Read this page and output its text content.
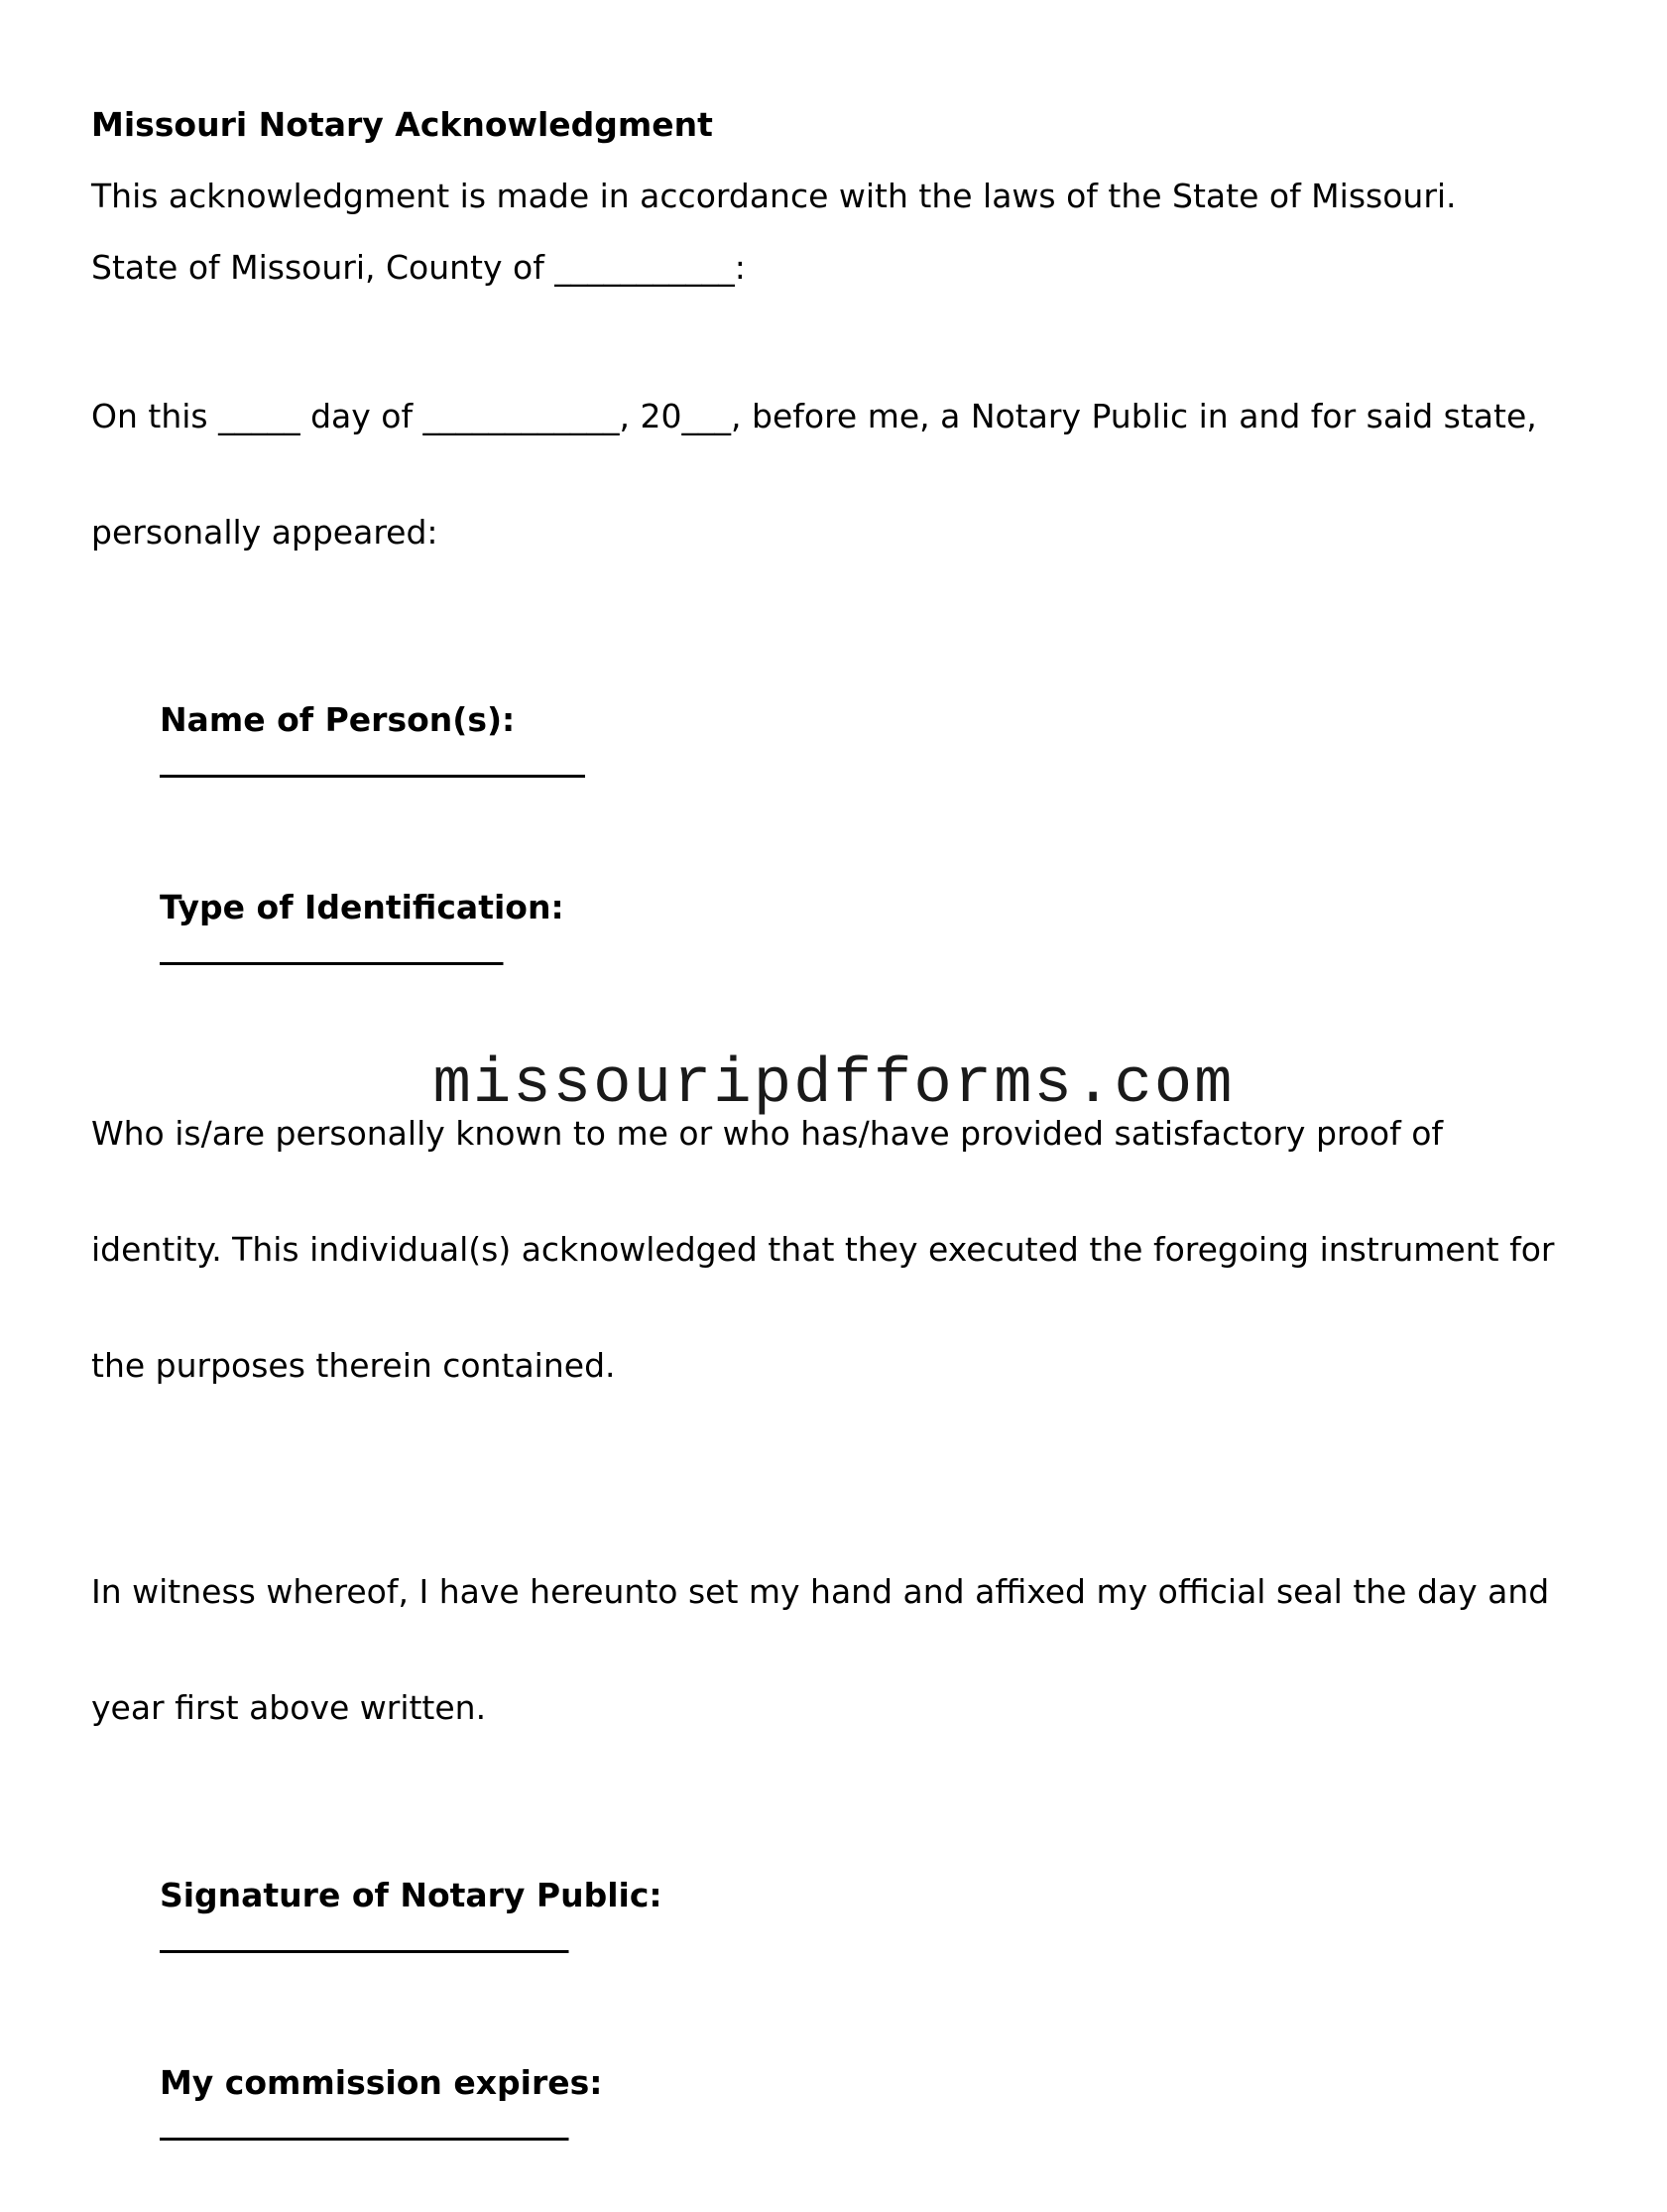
Missouri Notary Acknowledgment
This acknowledgment is made in accordance with the laws of the State of Missouri.
State of Missouri, County of ___________:

On this _____ day of ____________, 20___, before me, a Notary Public in and for said state,

personally appeared:

Name of Person(s):
__________________________

Type of Identification:
_____________________

Who is/are personally known to me or who has/have provided satisfactory proof of

identity. This individual(s) acknowledged that they executed the foregoing instrument for

the purposes therein contained.

In witness whereof, I have hereunto set my hand and affixed my official seal the day and

year first above written.

Signature of Notary Public:
_________________________

My commission expires:
_________________________

missouripdfforms.com
